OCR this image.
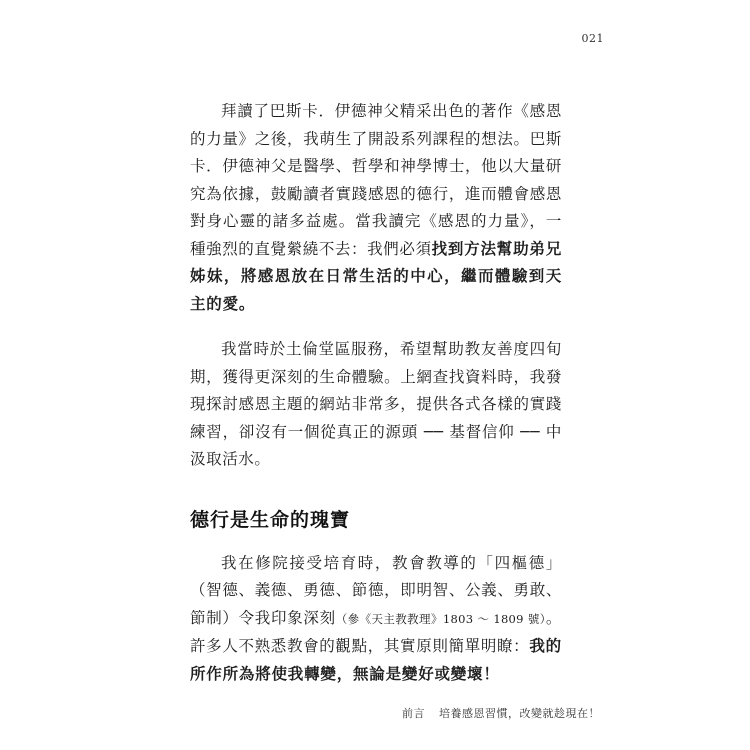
021

拜讀了巴斯卡．伊德神父精采出色的著作《感恩的力量》之後，我萌生了開設系列課程的想法。巴斯卡．伊德神父是醫學、哲學和神學博士，他以大量研究為依據，鼓勵讀者實踐感恩的德行，進而體會感恩對身心靈的諸多益處。當我讀完《感恩的力量》，一種強烈的直覺縈繞不去：我們必須找到方法幫助弟兄姊妹，將感恩放在日常生活的中心，繼而體驗到天主的愛。

我當時於土倫堂區服務，希望幫助教友善度四旬期，獲得更深刻的生命體驗。上網查找資料時，我發現探討感恩主題的網站非常多，提供各式各樣的實踐練習，卻沒有一個從真正的源頭 ── 基督信仰 ── 中汲取活水。

德行是生命的瑰寶

我在修院接受培育時，教會教導的「四樞德」（智德、義德、勇德、節德，即明智、公義、勇敢、節制）令我印象深刻（參《天主教教理》1803 ～ 1809 號）。許多人不熟悉教會的觀點，其實原則簡單明瞭：我的所作所為將使我轉變，無論是變好或變壞！

前言 培養感恩習慣，改變就趁現在！
